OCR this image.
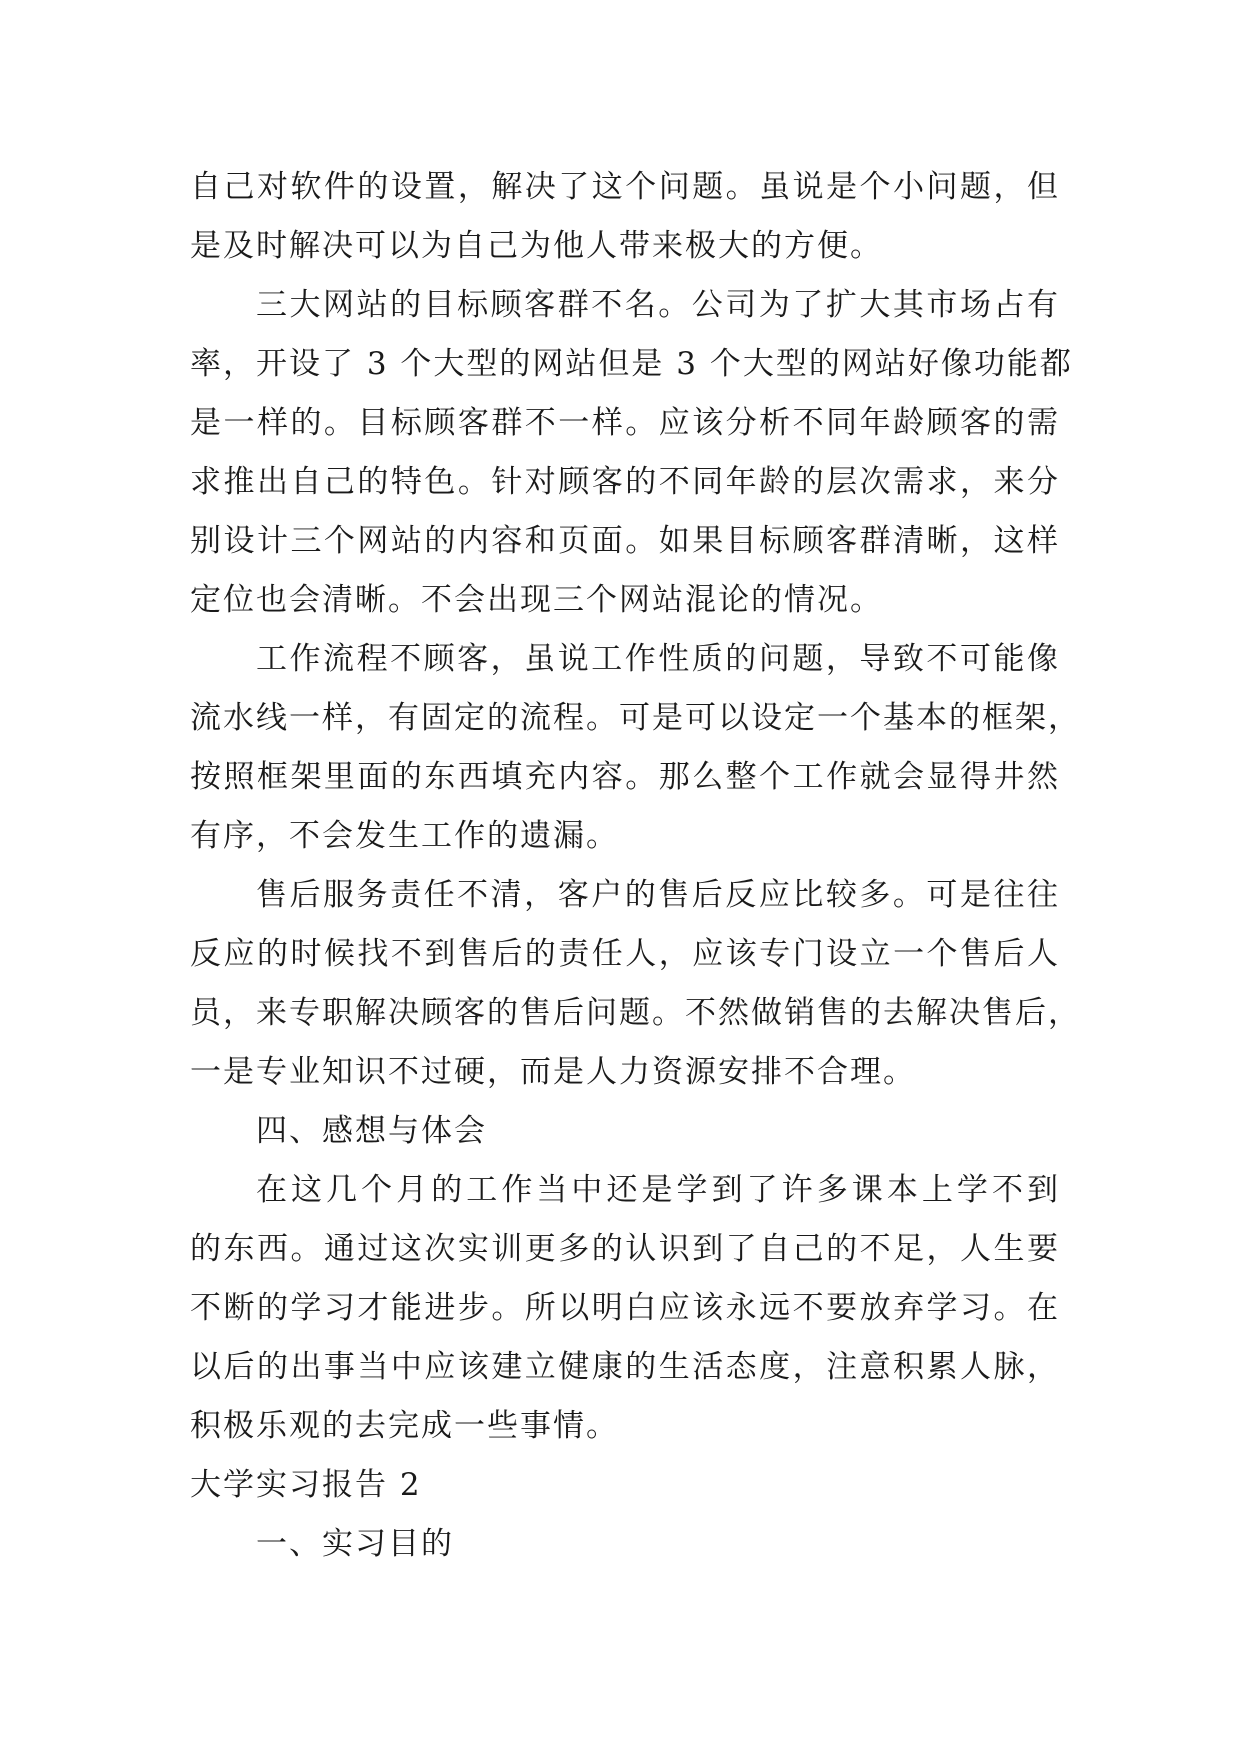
自己对软件的设置，解决了这个问题。虽说是个小问题，但
是及时解决可以为自己为他人带来极大的方便。
三大网站的目标顾客群不名。公司为了扩大其市场占有
率，开设了 3 个大型的网站但是 3 个大型的网站好像功能都
是一样的。目标顾客群不一样。应该分析不同年龄顾客的需
求推出自己的特色。针对顾客的不同年龄的层次需求，来分
别设计三个网站的内容和页面。如果目标顾客群清晰，这样
定位也会清晰。不会出现三个网站混论的情况。
工作流程不顾客，虽说工作性质的问题，导致不可能像
流水线一样，有固定的流程。可是可以设定一个基本的框架，
按照框架里面的东西填充内容。那么整个工作就会显得井然
有序，不会发生工作的遗漏。
售后服务责任不清，客户的售后反应比较多。可是往往
反应的时候找不到售后的责任人，应该专门设立一个售后人
员，来专职解决顾客的售后问题。不然做销售的去解决售后，
一是专业知识不过硬，而是人力资源安排不合理。
四、感想与体会
在这几个月的工作当中还是学到了许多课本上学不到
的东西。通过这次实训更多的认识到了自己的不足，人生要
不断的学习才能进步。所以明白应该永远不要放弃学习。在
以后的出事当中应该建立健康的生活态度，注意积累人脉，
积极乐观的去完成一些事情。
大学实习报告 2
一、实习目的
